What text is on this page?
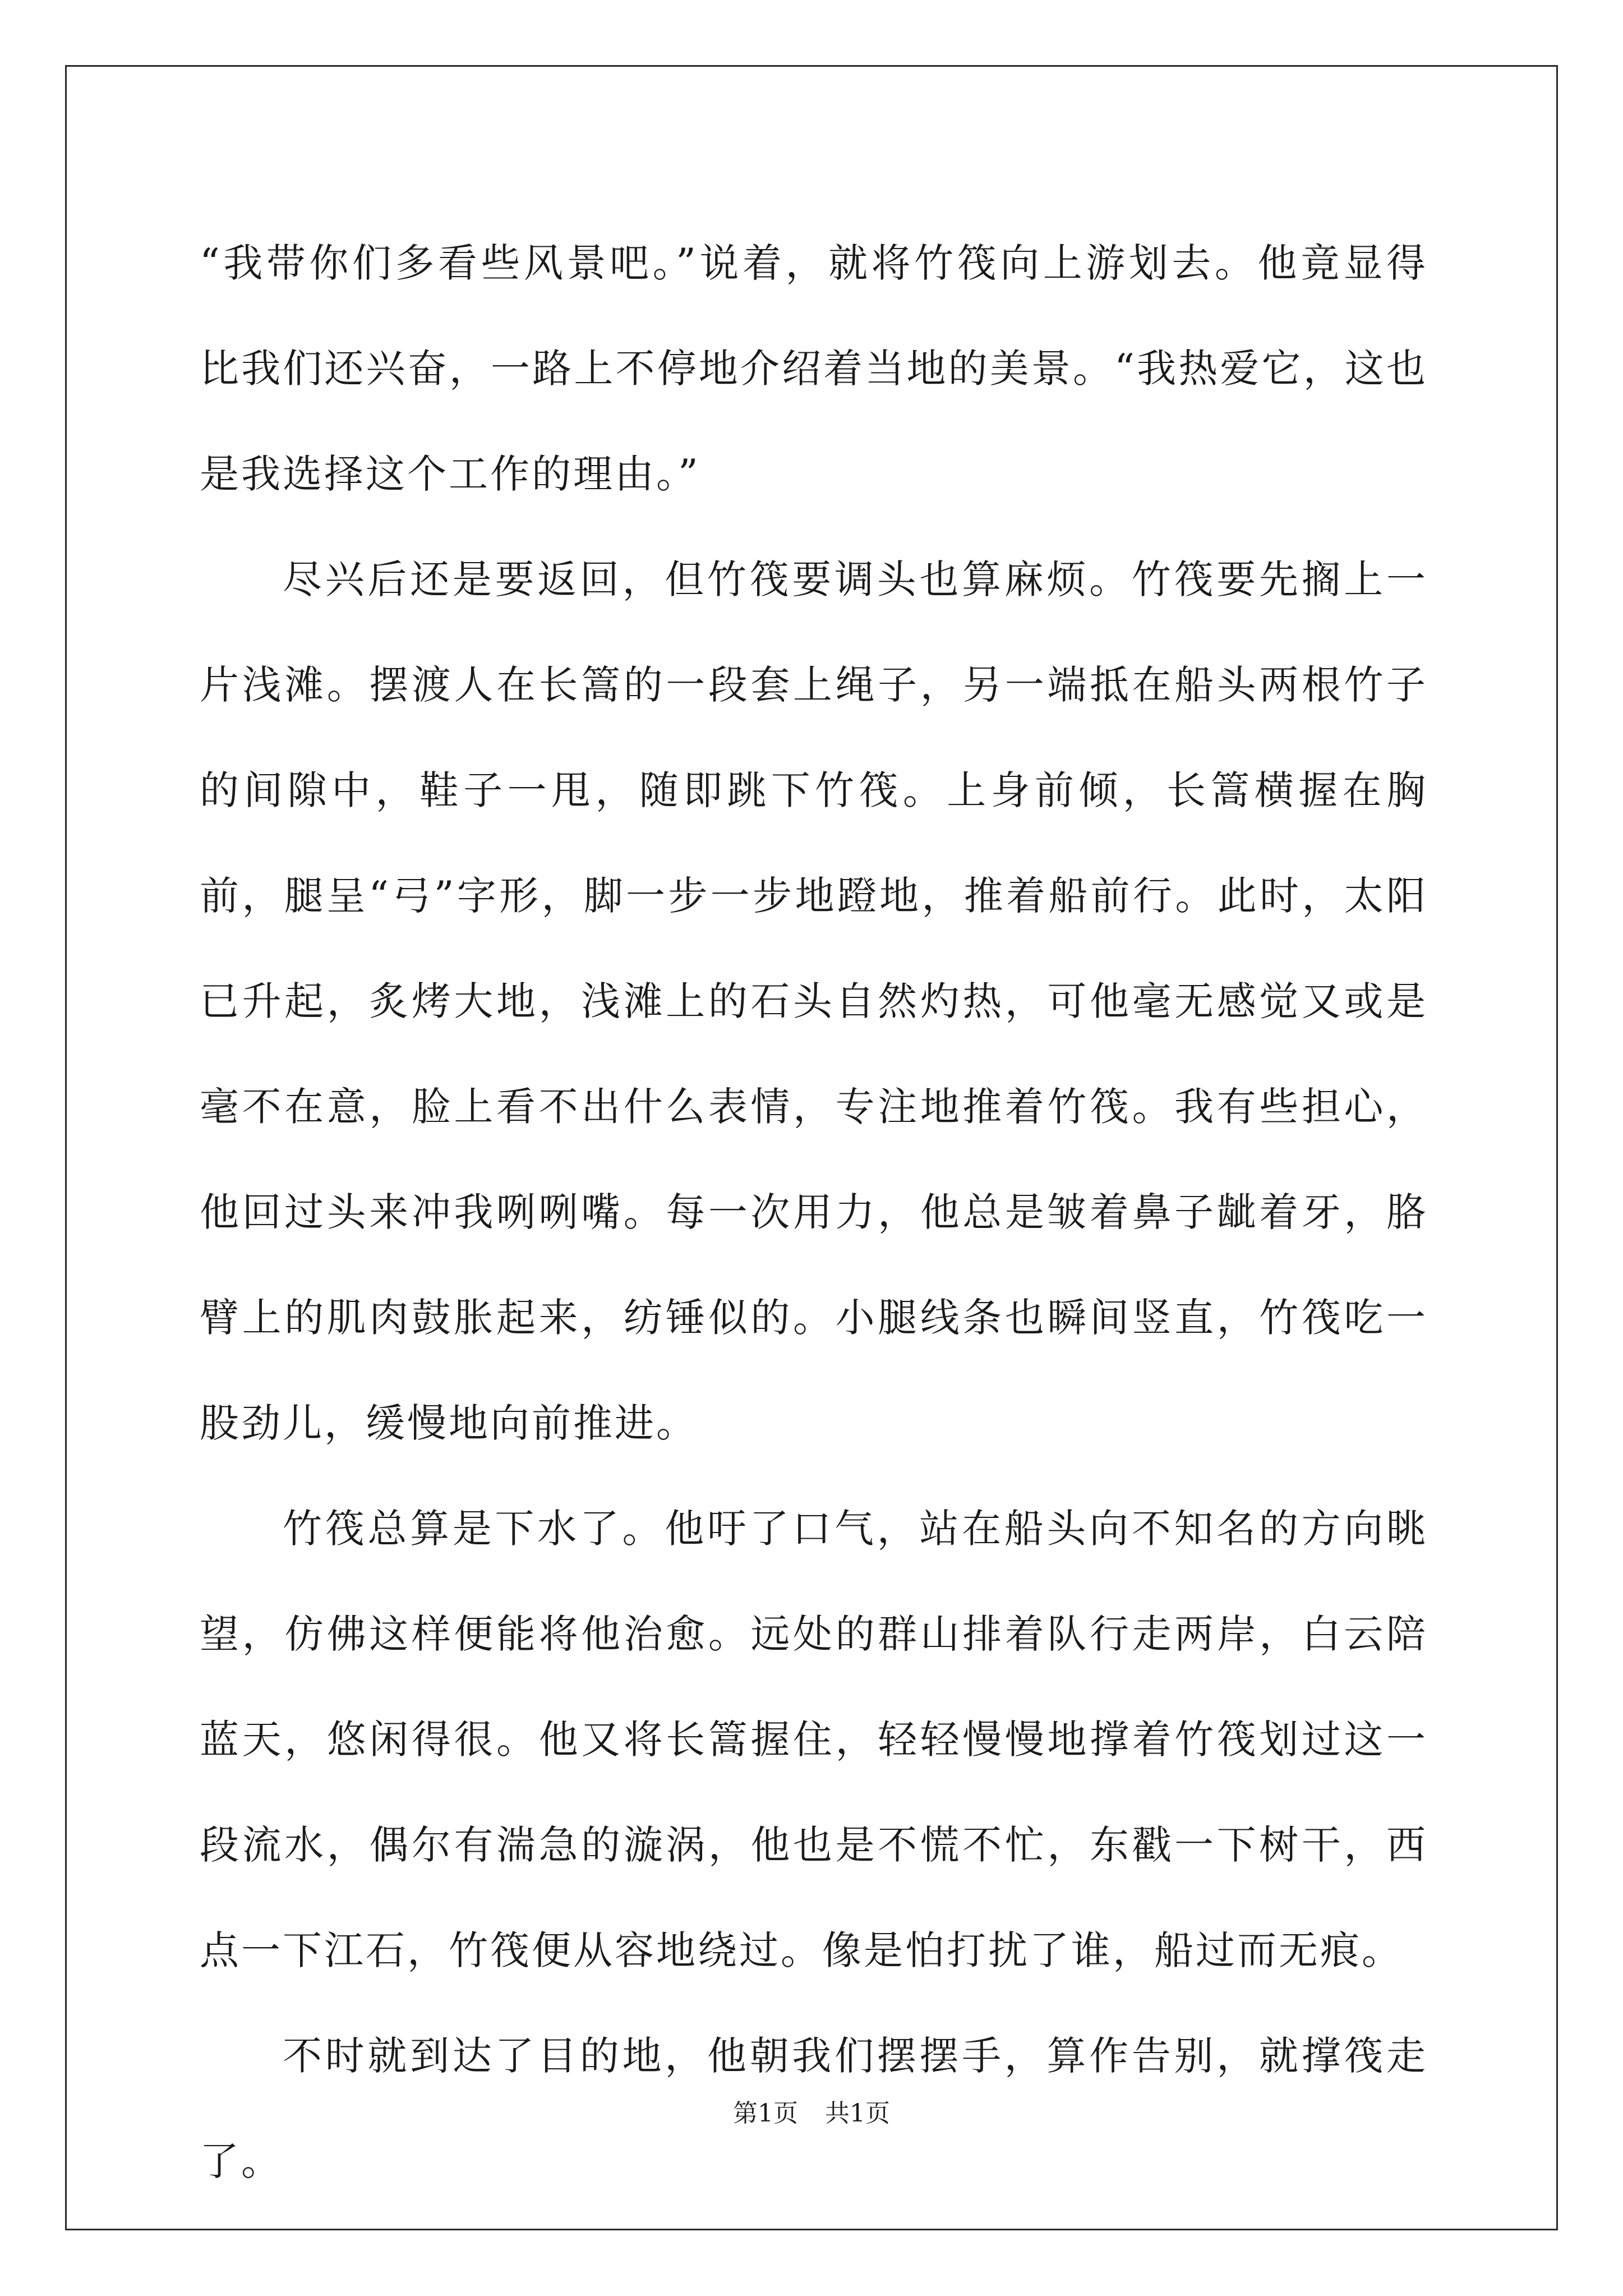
“我带你们多看些风景吧。”说着，就将竹筏向上游划去。他竟显得比我们还兴奋，一路上不停地介绍着当地的美景。“我热爱它，这也是我选择这个工作的理由。”

尽兴后还是要返回，但竹筏要调头也算麻烦。竹筏要先搁上一片浅滩。摆渡人在长篙的一段套上绳子，另一端抵在船头两根竹子的间隙中，鞋子一甩，随即跳下竹筏。上身前倾，长篙横握在胸前，腿呈“弓”字形，脚一步一步地蹬地，推着船前行。此时，太阳已升起，炙烤大地，浅滩上的石头自然灼热，可他毫无感觉又或是毫不在意，脸上看不出什么表情，专注地推着竹筏。我有些担心，他回过头来冲我咧咧嘴。每一次用力，他总是皱着鼻子龇着牙，胳臂上的肌肉鼓胀起来，纺锤似的。小腿线条也瞬间竖直，竹筏吃一股劲儿，缓慢地向前推进。

竹筏总算是下水了。他吁了口气，站在船头向不知名的方向眺望，仿佛这样便能将他治愈。远处的群山排着队行走两岸，白云陪蓝天，悠闲得很。他又将长篙握住，轻轻慢慢地撑着竹筏划过这一段流水，偶尔有湍急的漩涡，他也是不慌不忙，东戳一下树干，西点一下江石，竹筏便从容地绕过。像是怕打扰了谁，船过而无痕。

不时就到达了目的地，他朝我们摆摆手，算作告别，就撑筏走了。

第1页 共1页
